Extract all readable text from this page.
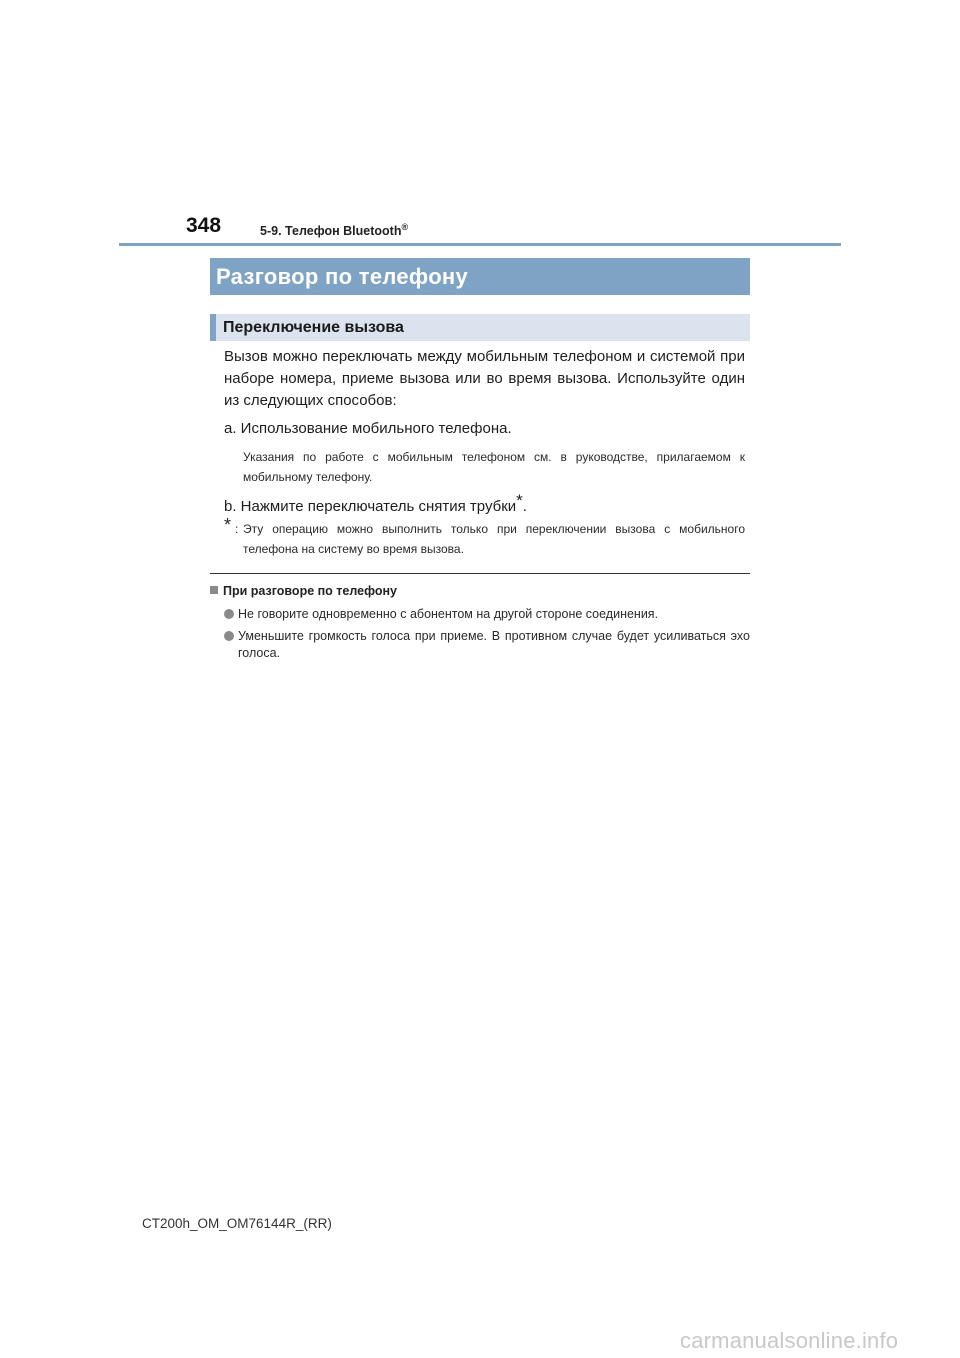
348	5-9. Телефон Bluetooth®
Разговор по телефону
Переключение вызова
Вызов можно переключать между мобильным телефоном и системой при наборе номера, приеме вызова или во время вызова. Используйте один из следующих способов:
a. Использование мобильного телефона.
Указания по работе с мобильным телефоном см. в руководстве, прилагаемом к мобильному телефону.
b. Нажмите переключатель снятия трубки*.
* : Эту операцию можно выполнить только при переключении вызова с мобильного телефона на систему во время вызова.
При разговоре по телефону
Не говорите одновременно с абонентом на другой стороне соединения.
Уменьшите громкость голоса при приеме. В противном случае будет усиливаться эхо голоса.
CT200h_OM_OM76144R_(RR)
carmanualsonline.info
